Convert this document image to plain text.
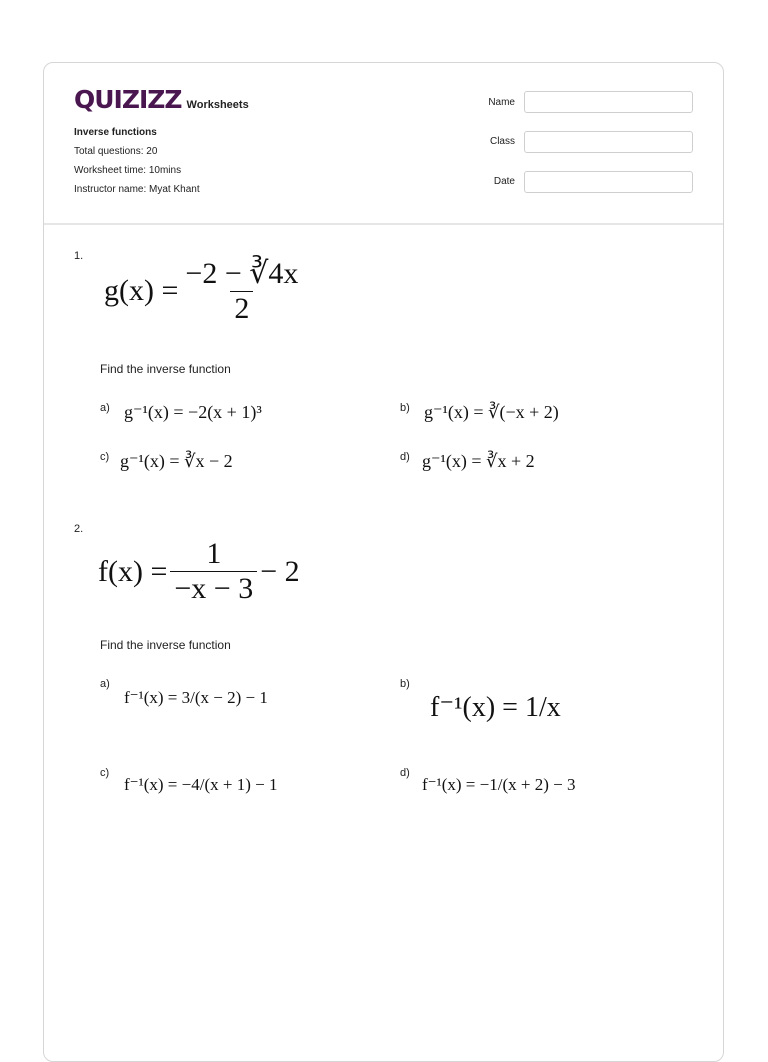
QUIZIZZ Worksheets
Inverse functions
Total questions: 20
Worksheet time: 10mins
Instructor name: Myat Khant
Name
Class
Date
1.
$g(x) = \frac{-2 - ∛4x}{2}$
Find the inverse function
a) g⁻¹(x) = −2(x + 1)³	b) g⁻¹(x) = ∛(−x + 2)
c) g⁻¹(x) = ∛x − 2	d) g⁻¹(x) = ∛x + 2
2.
$f(x) = \frac{1}{-x - 3} - 2$
Find the inverse function
a)
f⁻¹(x) = 3/(x − 2) − 1
b)
f⁻¹(x) = 1/x
c)
f⁻¹(x) = −4/(x + 1) − 1
d)
f⁻¹(x) = −1/(x + 2) − 3
